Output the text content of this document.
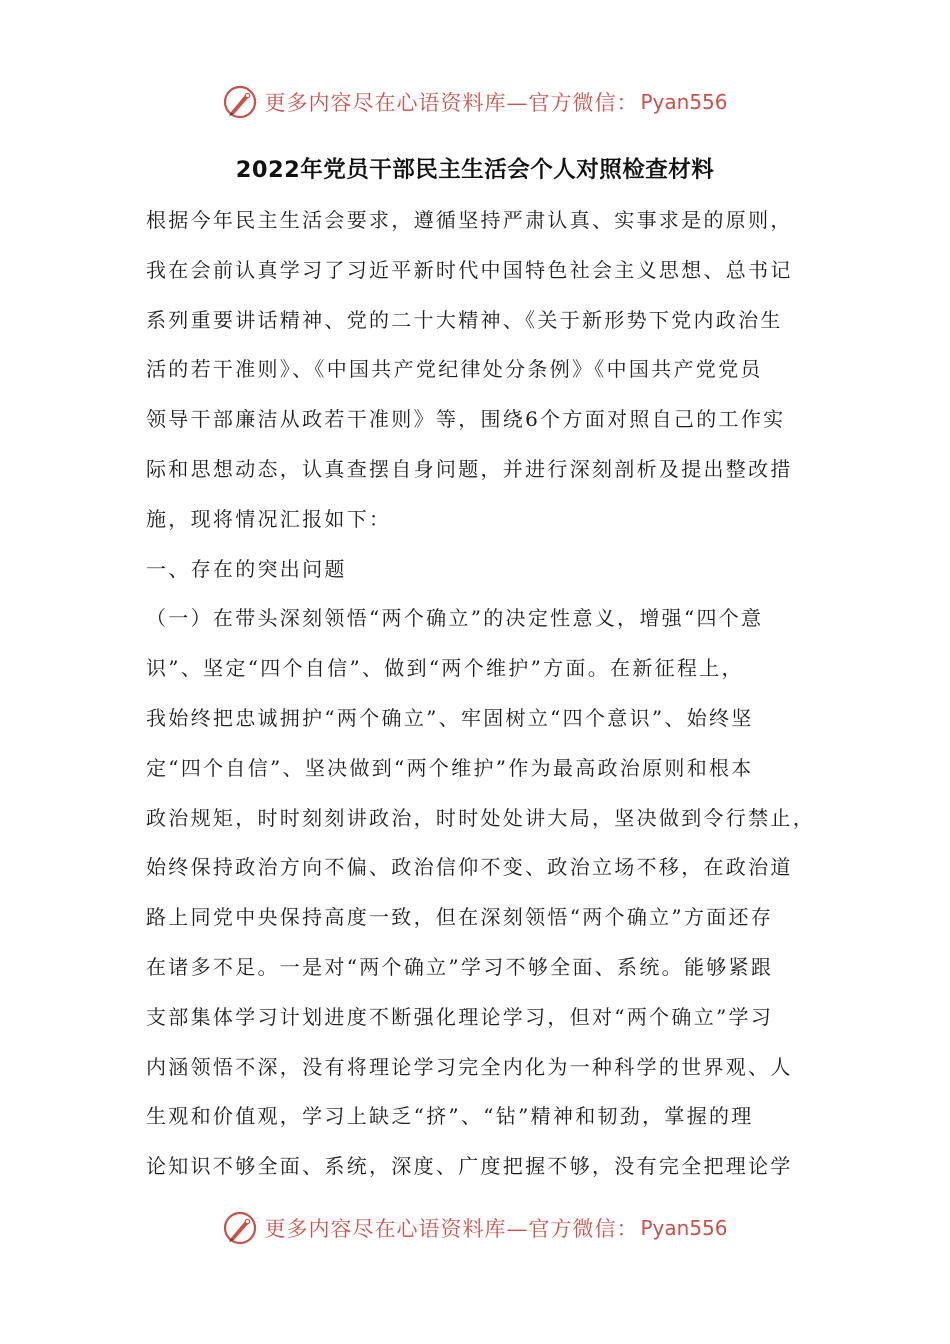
更多内容尽在心语资料库—官方微信： Pyan556
2022年党员干部民主生活会个人对照检查材料
根据今年民主生活会要求，遵循坚持严肃认真、实事求是的原则，
我在会前认真学习了习近平新时代中国特色社会主义思想、总书记
系列重要讲话精神、党的二十大精神、《关于新形势下党内政治生
活的若干准则》、《中国共产党纪律处分条例》《中国共产党党员
领导干部廉洁从政若干准则》等，围绕6个方面对照自己的工作实
际和思想动态，认真查摆自身问题，并进行深刻剖析及提出整改措
施，现将情况汇报如下：
一、存在的突出问题
（一）在带头深刻领悟“两个确立”的决定性意义，增强“四个意
识”、坚定“四个自信”、做到“两个维护”方面。在新征程上，
我始终把忠诚拥护“两个确立”、牢固树立“四个意识”、始终坚
定“四个自信”、坚决做到“两个维护”作为最高政治原则和根本
政治规矩，时时刻刻讲政治，时时处处讲大局，坚决做到令行禁止，
始终保持政治方向不偏、政治信仰不变、政治立场不移，在政治道
路上同党中央保持高度一致，但在深刻领悟“两个确立”方面还存
在诸多不足。一是对“两个确立”学习不够全面、系统。能够紧跟
支部集体学习计划进度不断强化理论学习，但对“两个确立”学习
内涵领悟不深，没有将理论学习完全内化为一种科学的世界观、人
生观和价值观，学习上缺乏“挤”、“钻”精神和韧劲，掌握的理
论知识不够全面、系统，深度、广度把握不够，没有完全把理论学
更多内容尽在心语资料库—官方微信： Pyan556
